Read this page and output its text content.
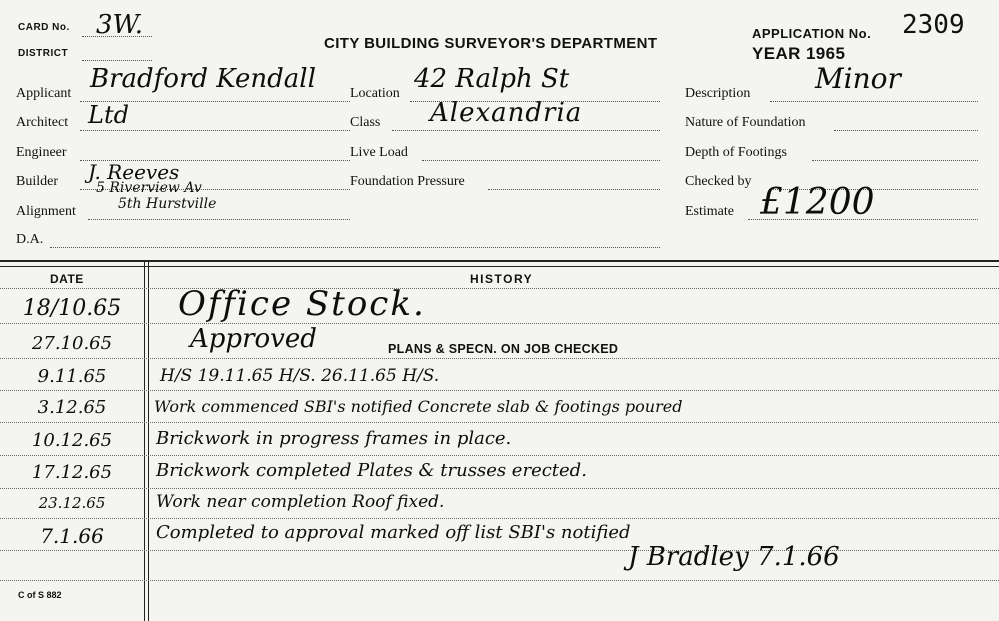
CARD No. 3W.
DISTRICT
CITY BUILDING SURVEYOR'S DEPARTMENT
APPLICATION No. 2309
YEAR 1965
Applicant Bradford Kendall
Architect Ltd
Engineer
Builder J. Reeves
5 Riverview Av
Alignment	5th Hurstville
D.A.
Location 42 Ralph St
Class Alexandria
Live Load
Foundation Pressure
Description Minor
Nature of Foundation
Depth of Footings
Checked by
Estimate £1200
DATE	HISTORY
18/10.65	Office Stock.
27.10.65	Approved	PLANS & SPECN. ON JOB CHECKED
9.11.65	H/S 19.11.65 H/S. 26.11.65 H/S.
3.12.65	Work commenced SBI's notified Concrete slab & footings poured
10.12.65	Brickwork in progress frames in place.
17.12.65	Brickwork completed Plates & trusses erected.
23.12.65	Work near completion Roof fixed.
7.1.66	Completed to approval marked off list SBI's notified
J Bradley 7.1.66
C of S 882
